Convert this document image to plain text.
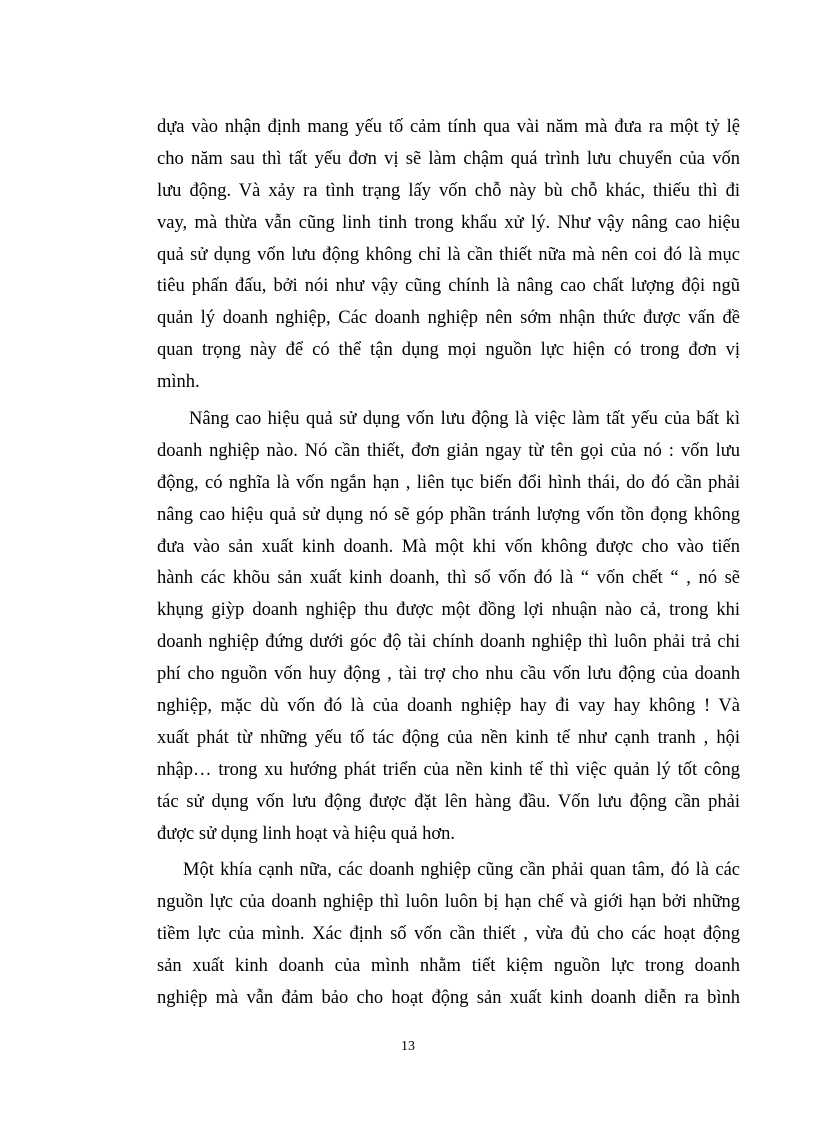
dựa vào nhận định mang yếu tố cảm tính qua vài năm mà đưa ra một tỷ lệ
cho năm sau thì tất yếu đơn vị sẽ làm chậm quá trình lưu chuyển của vốn
lưu động. Và xảy ra tình trạng lấy vốn chỗ này bù chỗ khác, thiếu thì đi
vay, mà thừa vẫn cũng linh tinh trong khẩu xử lý. Như vậy nâng cao hiệu
quả sử dụng vốn lưu động không chỉ là cần thiết nữa mà nên coi đó là mục
tiêu phấn đấu, bởi nói như vậy cũng chính là nâng cao chất lượng đội ngũ
quản lý doanh nghiệp, Các doanh nghiệp nên sớm nhận thức được vấn đề
quan trọng này để có thể tận dụng mọi nguồn lực hiện có trong đơn vị
mình.
Nâng cao hiệu quả sử dụng vốn lưu động là việc làm tất yếu của bất kì
doanh nghiệp nào. Nó cần thiết, đơn giản ngay từ tên gọi của nó : vốn lưu
động, có nghĩa là vốn ngắn hạn , liên tục biến đổi hình thái, do đó cần phải
nâng cao hiệu quả sử dụng nó sẽ góp phần tránh lượng vốn tồn đọng không
đưa vào sản xuất kinh doanh. Mà một khi vốn không được cho vào tiến
hành các khõu sản xuất kinh doanh, thì số vốn đó là “ vốn chết “ , nó sẽ
khụng giỳp doanh nghiệp thu được một đồng lợi nhuận nào cả, trong khi
doanh nghiệp đứng dưới góc độ tài chính doanh nghiệp thì luôn phải trả chi
phí cho nguồn vốn huy động , tài trợ cho nhu cầu vốn lưu động của doanh
nghiệp, mặc dù vốn đó là của doanh nghiệp hay đi vay hay không ! Và
xuất phát từ những yếu tố tác động của nền kinh tế như cạnh tranh , hội
nhập… trong xu hướng phát triển của nền kinh tế thì việc quản lý tốt công
tác sử dụng vốn lưu động được đặt lên hàng đầu. Vốn lưu động cần phải
được sử dụng linh hoạt và hiệu quả hơn.
Một khía cạnh nữa, các doanh nghiệp cũng cần phải quan tâm, đó là các
nguồn lực của doanh nghiệp thì luôn luôn bị hạn chế và giới hạn bởi những
tiềm lực của mình. Xác định số vốn cần thiết , vừa đủ cho các hoạt động
sản xuất kinh doanh của mình nhằm tiết kiệm nguồn lực trong doanh
nghiệp mà vẫn đảm bảo cho hoạt động sản xuất kinh doanh diễn ra bình
13
